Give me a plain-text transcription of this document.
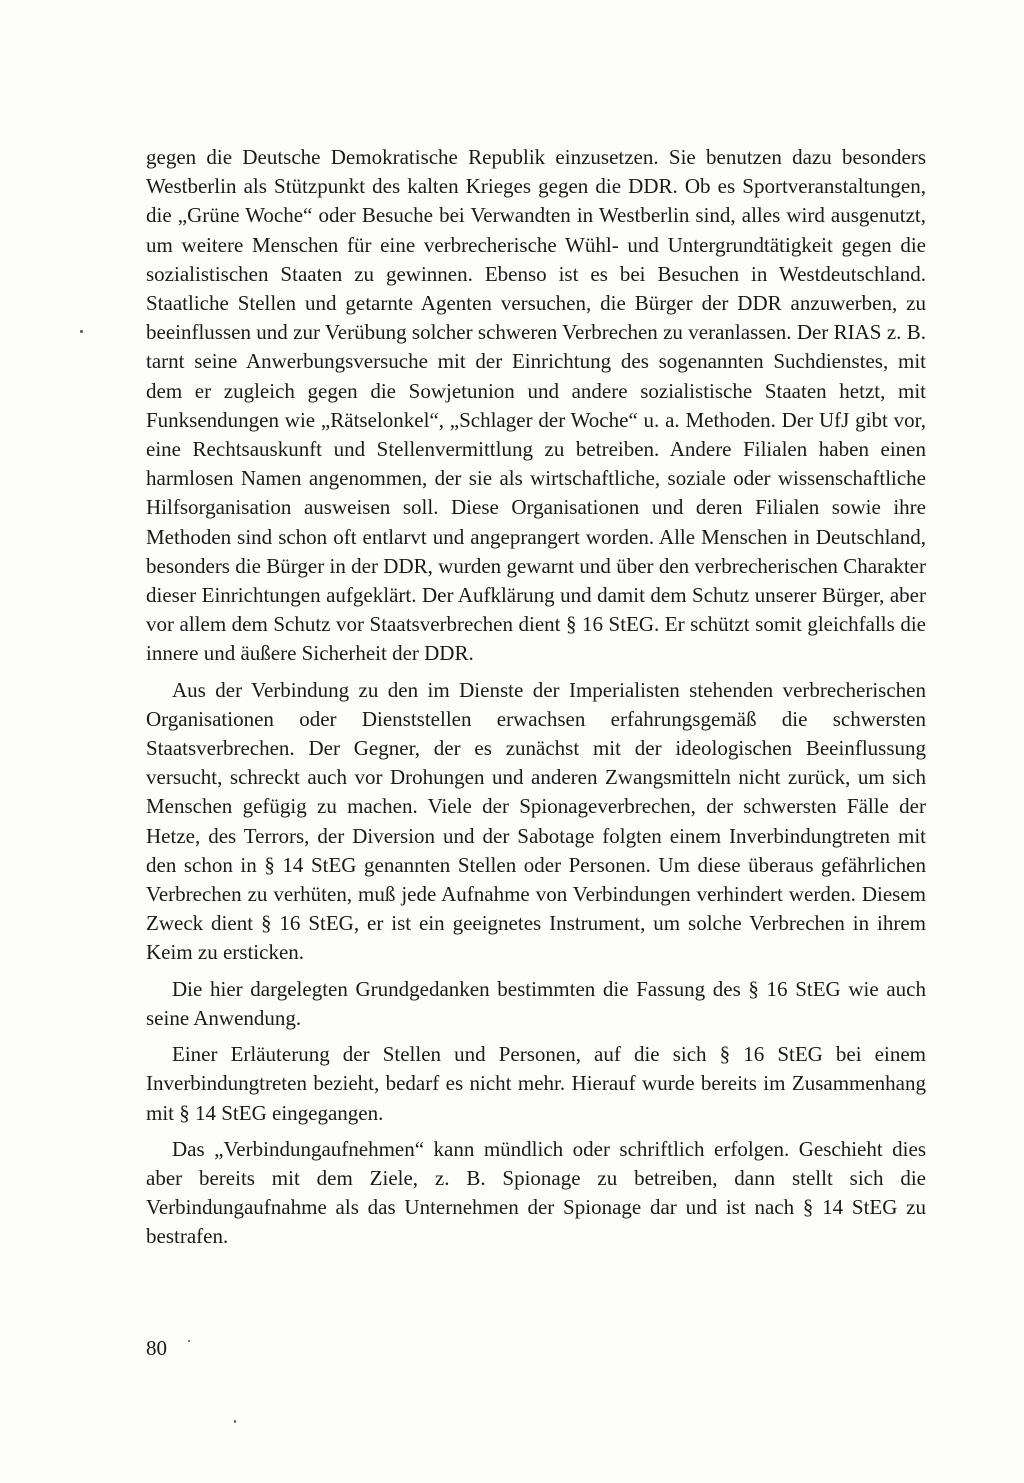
gegen die Deutsche Demokratische Republik einzusetzen. Sie benutzen dazu besonders Westberlin als Stützpunkt des kalten Krieges gegen die DDR. Ob es Sportveranstaltungen, die „Grüne Woche“ oder Besuche bei Verwandten in Westberlin sind, alles wird ausgenutzt, um weitere Menschen für eine verbrecherische Wühl- und Untergrundtätigkeit gegen die sozialistischen Staaten zu gewinnen. Ebenso ist es bei Besuchen in Westdeutschland. Staatliche Stellen und getarnte Agenten versuchen, die Bürger der DDR anzuwerben, zu beeinflussen und zur Verübung solcher schweren Verbrechen zu veranlassen. Der RIAS z. B. tarnt seine Anwerbungsversuche mit der Einrichtung des sogenannten Suchdienstes, mit dem er zugleich gegen die Sowjetunion und andere sozialistische Staaten hetzt, mit Funksendungen wie „Rätselonkel“, „Schlager der Woche“ u. a. Methoden. Der UfJ gibt vor, eine Rechtsauskunft und Stellenvermittlung zu betreiben. Andere Filialen haben einen harmlosen Namen angenommen, der sie als wirtschaftliche, soziale oder wissenschaftliche Hilfsorganisation ausweisen soll. Diese Organisationen und deren Filialen sowie ihre Methoden sind schon oft entlarvt und angeprangert worden. Alle Menschen in Deutschland, besonders die Bürger in der DDR, wurden gewarnt und über den verbrecherischen Charakter dieser Einrichtungen aufgeklärt. Der Aufklärung und damit dem Schutz unserer Bürger, aber vor allem dem Schutz vor Staatsverbrechen dient § 16 StEG. Er schützt somit gleichfalls die innere und äußere Sicherheit der DDR.

Aus der Verbindung zu den im Dienste der Imperialisten stehenden verbrecherischen Organisationen oder Dienststellen erwachsen erfahrungsgemäß die schwersten Staatsverbrechen. Der Gegner, der es zunächst mit der ideologischen Beeinflussung versucht, schreckt auch vor Drohungen und anderen Zwangsmitteln nicht zurück, um sich Menschen gefügig zu machen. Viele der Spionageverbrechen, der schwersten Fälle der Hetze, des Terrors, der Diversion und der Sabotage folgten einem Inverbindungtreten mit den schon in § 14 StEG genannten Stellen oder Personen. Um diese überaus gefährlichen Verbrechen zu verhüten, muß jede Aufnahme von Verbindungen verhindert werden. Diesem Zweck dient § 16 StEG, er ist ein geeignetes Instrument, um solche Verbrechen in ihrem Keim zu ersticken.

Die hier dargelegten Grundgedanken bestimmten die Fassung des § 16 StEG wie auch seine Anwendung.

Einer Erläuterung der Stellen und Personen, auf die sich § 16 StEG bei einem Inverbindungtreten bezieht, bedarf es nicht mehr. Hierauf wurde bereits im Zusammenhang mit § 14 StEG eingegangen.

Das „Verbindungaufnehmen“ kann mündlich oder schriftlich erfolgen. Geschieht dies aber bereits mit dem Ziele, z. B. Spionage zu betreiben, dann stellt sich die Verbindungaufnahme als das Unternehmen der Spionage dar und ist nach § 14 StEG zu bestrafen.

80
